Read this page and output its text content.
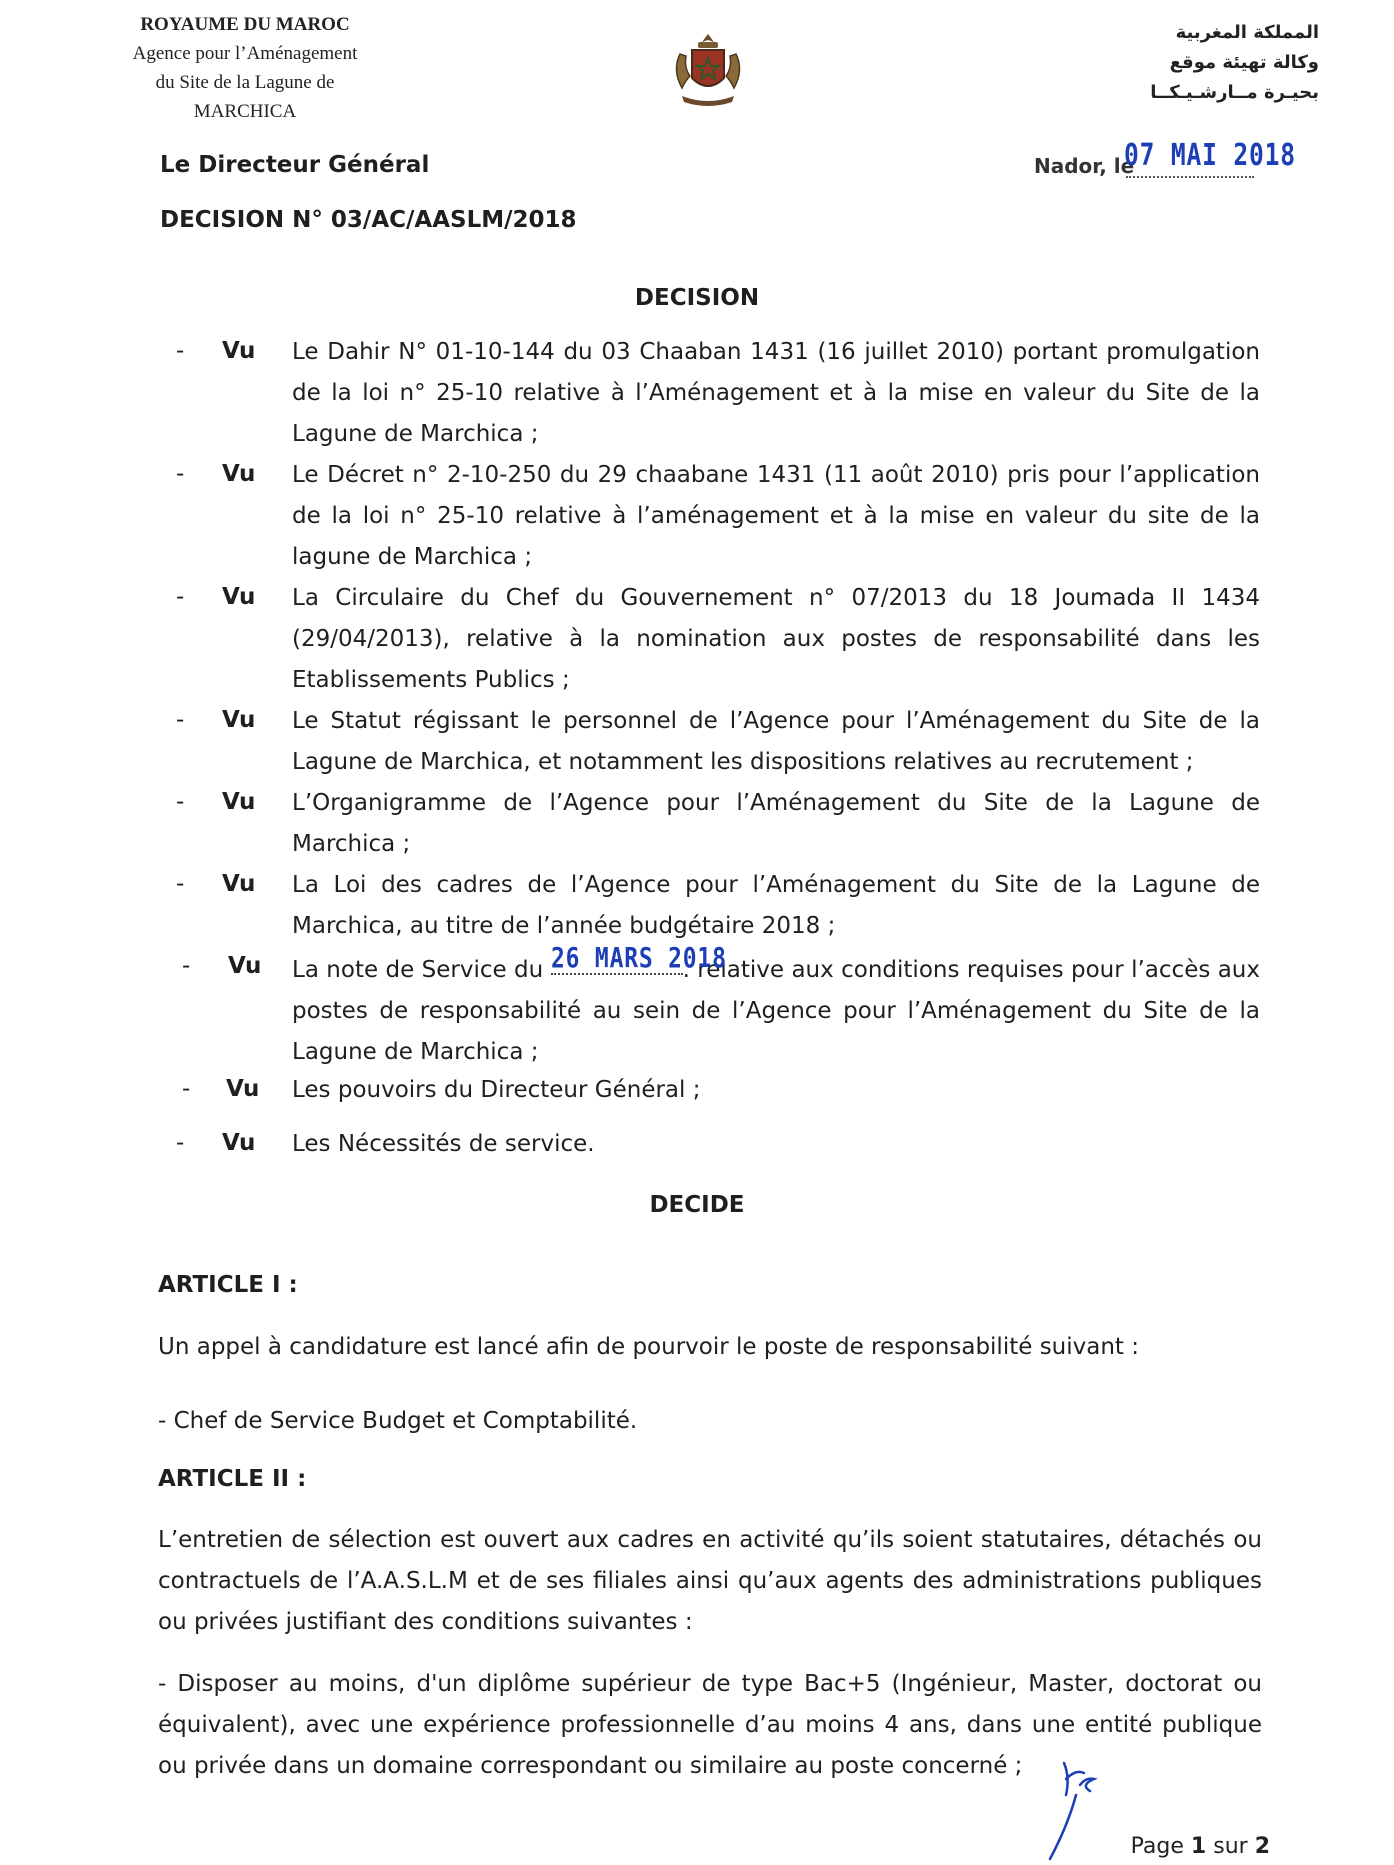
ROYAUME DU MAROC
Agence pour l’Aménagement
du Site de la Lagune de
MARCHICA
المملكة المغربية
وكالة تهيئة موقع
بحيـرة مــارشـيـكــا
Le Directeur Général
DECISION N° 03/AC/AASLM/2018
Nador, le
07 MAI 2018
DECISION
- Vu Le Dahir N° 01-10-144 du 03 Chaaban 1431 (16 juillet 2010) portant promulgation de la loi n° 25-10 relative à l’Aménagement et à la mise en valeur du Site de la Lagune de Marchica ;
- Vu Le Décret n° 2-10-250 du 29 chaabane 1431 (11 août 2010) pris pour l’application de la loi n° 25-10 relative à l’aménagement et à la mise en valeur du site de la lagune de Marchica ;
- Vu La Circulaire du Chef du Gouvernement n° 07/2013 du 18 Joumada II 1434 (29/04/2013), relative à la nomination aux postes de responsabilité dans les Etablissements Publics ;
- Vu Le Statut régissant le personnel de l’Agence pour l’Aménagement du Site de la Lagune de Marchica, et notamment les dispositions relatives au recrutement ;
- Vu L’Organigramme de l’Agence pour l’Aménagement du Site de la Lagune de Marchica ;
- Vu La Loi des cadres de l’Agence pour l’Aménagement du Site de la Lagune de Marchica, au titre de l’année budgétaire 2018 ;
- Vu La note de Service du 26 MARS 2018
. relative aux conditions requises pour l’accès aux postes de responsabilité au sein de l’Agence pour l’Aménagement du Site de la Lagune de Marchica ;
- Vu Les pouvoirs du Directeur Général ;
- Vu Les Nécessités de service.
DECIDE
ARTICLE I :
Un appel à candidature est lancé afin de pourvoir le poste de responsabilité suivant :
- Chef de Service Budget et Comptabilité.
ARTICLE II :
L’entretien de sélection est ouvert aux cadres en activité qu’ils soient statutaires, détachés ou contractuels de l’A.A.S.L.M et de ses filiales ainsi qu’aux agents des administrations publiques ou privées justifiant des conditions suivantes :
- Disposer au moins, d'un diplôme supérieur de type Bac+5 (Ingénieur, Master, doctorat ou équivalent), avec une expérience professionnelle d’au moins 4 ans, dans une entité publique ou privée dans un domaine correspondant ou similaire au poste concerné ;
Page 1 sur 2
